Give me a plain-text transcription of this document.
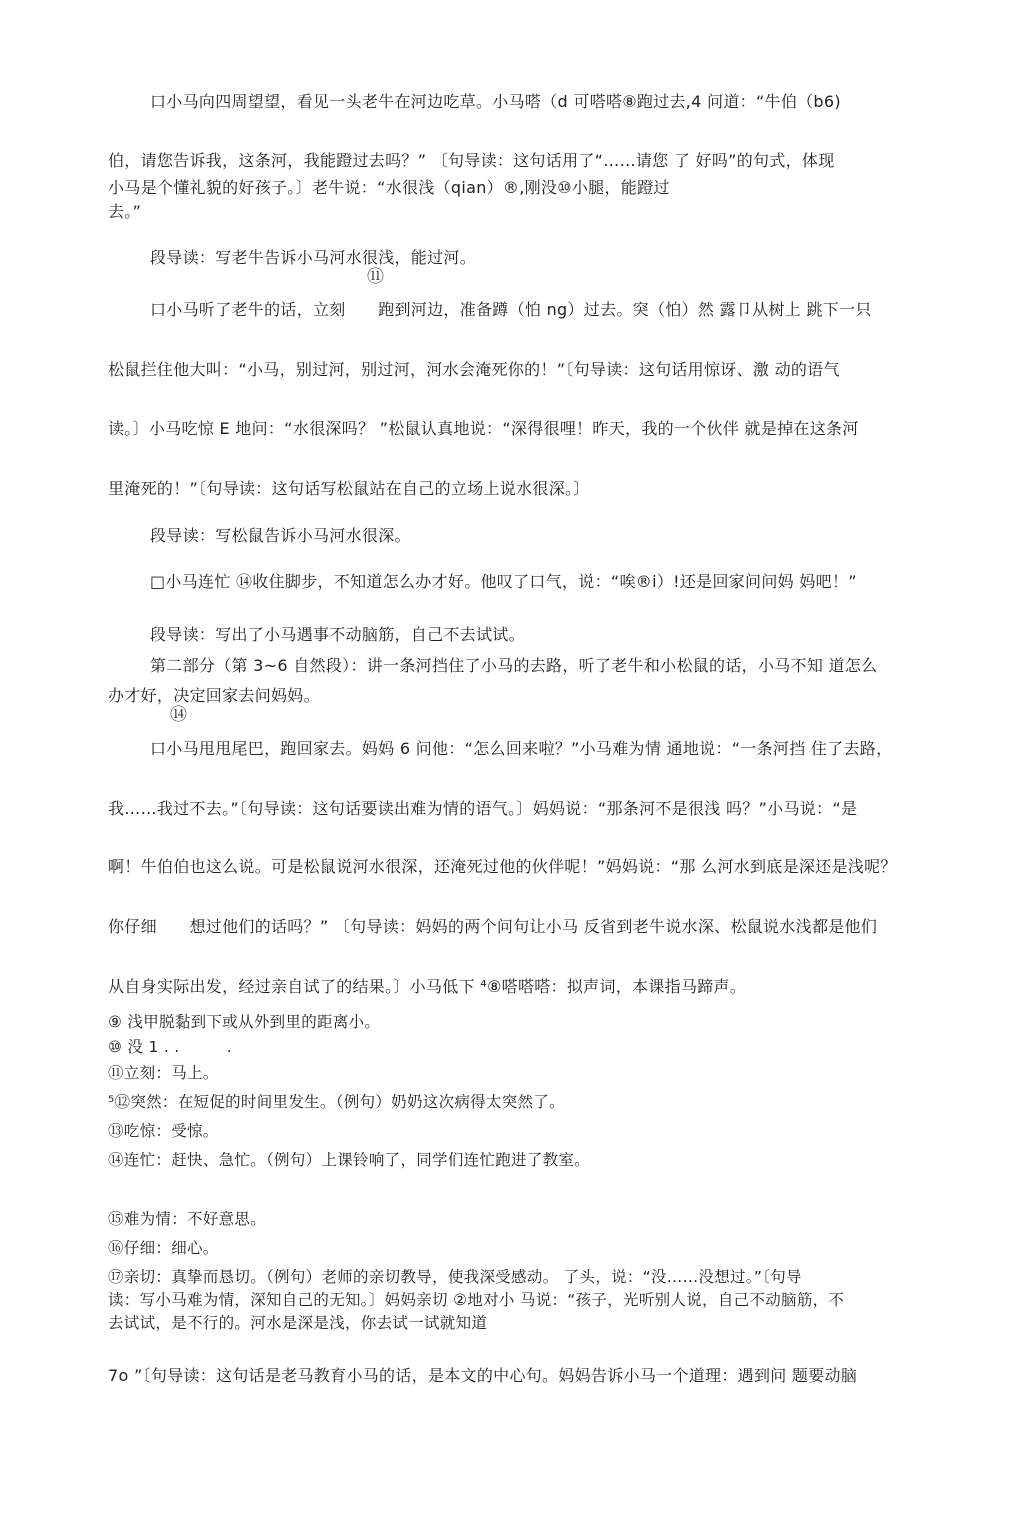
口小马向四周望望，看见一头老牛在河边吃草。小马嗒（d 可嗒嗒⑧跑过去,4 问道：“牛伯（b6)
伯，请您告诉我，这条河，我能蹬过去吗？” 〔句导读：这句话用了“……请您 了 好吗”的句式，体现
小马是个懂礼貌的好孩子。〕老牛说：“水很浅（qian）®,刚没⑩小腿，能蹬过
去。”
段导读：写老牛告诉小马河水很浅，能过河。
⑪
口小马听了老牛的话，立刻　　跑到河边，准备蹲（怕 ng）过去。突（怕）然 露卩从树上 跳下一只
松鼠拦住他大叫：“小马，别过河，别过河，河水会淹死你的！”〔句导读：这句话用惊讶、激 动的语气
读。〕小马吃惊 E 地问：“水很深吗？ ”松鼠认真地说：“深得很哩！昨天，我的一个伙伴 就是掉在这条河
里淹死的！”〔句导读：这句话写松鼠站在自己的立场上说水很深。〕
段导读：写松鼠告诉小马河水很深。
□小马连忙 ⑭收住脚步，不知道怎么办才好。他叹了口气，说：“唉®i）!还是回家问问妈 妈吧！”
段导读：写出了小马遇事不动脑筋，自己不去试试。
第二部分（第 3~6 自然段）：讲一条河挡住了小马的去路，听了老牛和小松鼠的话，小马不知 道怎么
办才好，决定回家去问妈妈。
⑭
口小马甩甩尾巴，跑回家去。妈妈 6 问他：“怎么回来啦？”小马难为情 通地说：“一条河挡 住了去路，
我……我过不去。”〔句导读：这句话要读出难为情的语气。〕妈妈说：“那条河不是很浅 吗？”小马说：“是
啊！牛伯伯也这么说。可是松鼠说河水很深，还淹死过他的伙伴呢！”妈妈说：“那 么河水到底是深还是浅呢？
你仔细　　想过他们的话吗？” 〔句导读：妈妈的两个问句让小马 反省到老牛说水深、松鼠说水浅都是他们
从自身实际出发，经过亲自试了的结果。〕小马低下 ⁴⑧嗒嗒嗒：拟声词，本课指马蹄声。
⑨ 浅甲脱黏到下或从外到里的距离小。
⑩ 没 1 . .　　　.
⑪立刻：马上。
⁵⑫突然：在短促的时间里发生。（例句）奶奶这次病得太突然了。
⑬吃惊：受惊。
⑭连忙：赶快、急忙。（例句）上课铃响了，同学们连忙跑进了教室。
⑮难为情：不好意思。
⑯仔细：细心。
⑰亲切：真挚而恳切。（例句）老师的亲切教导，使我深受感动。 了头，说：“没……没想过。”〔句导
读：写小马难为情，深知自己的无知。〕妈妈亲切 ②地对小 马说：“孩子，光听别人说，自己不动脑筋，不
去试试，是不行的。河水是深是浅，你去试一试就知道
7o ”〔句导读：这句话是老马教育小马的话，是本文的中心句。妈妈告诉小马一个道理：遇到问 题要动脑
